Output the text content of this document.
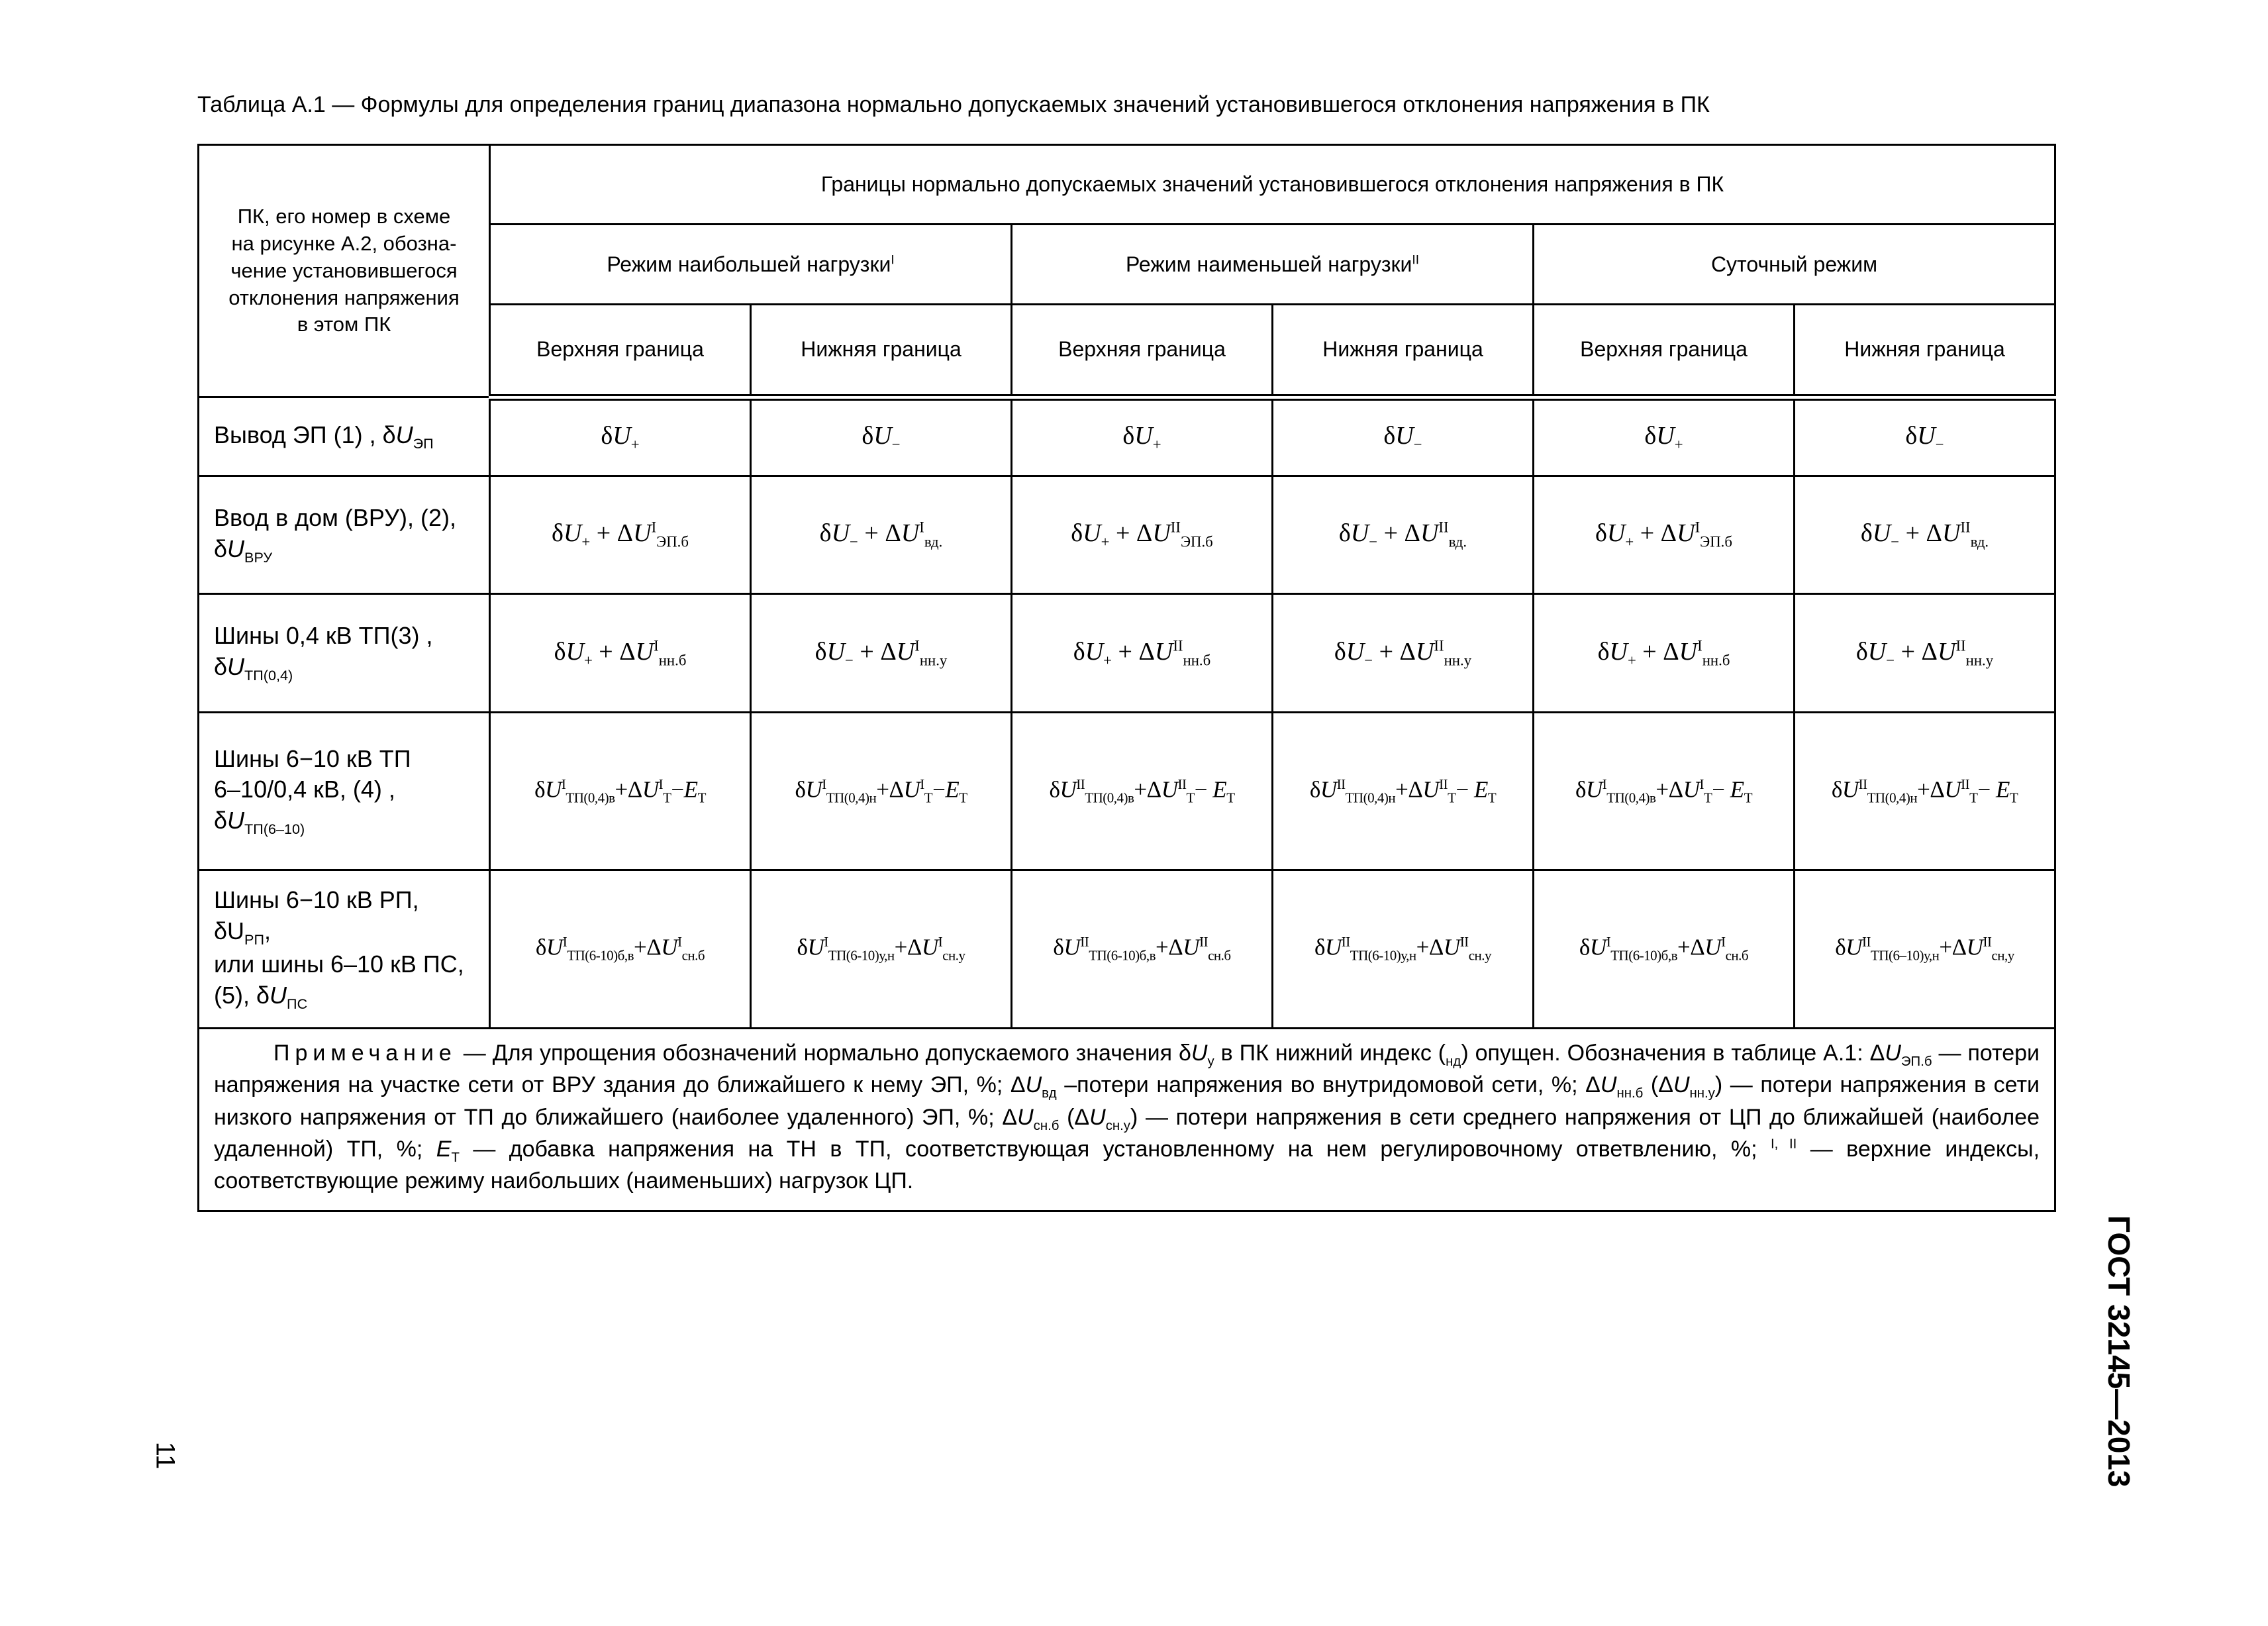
Таблица А.1 — Формулы для определения границ диапазона нормально допускаемых значений установившегося отклонения напряжения в ПК
ПК, его номер в схеме
на рисунке А.2, обозна-
чение установившегося
отклонения напряжения
в этом ПК	Границы нормально допускаемых значений установившегося отклонения напряжения в ПК					
	Режим наибольшей нагрузки$^I$		Режим наименьшей нагрузки$^{II}$		Суточный режим	
	Верхняя граница	Нижняя граница	Верхняя граница	Нижняя граница	Верхняя граница	Нижняя граница
Вывод ЭП (1) , $\delta U_{ЭП}$	$\delta U_+$	$\delta U_-$	$\delta U_+$	$\delta U_-$	$\delta U_+$	$\delta U_-$
Ввод в дом (ВРУ), (2),
$\delta U_{ВРУ}$	$\delta U_+ + \Delta U^I_{ЭП.б}$	$\delta U_- + \Delta U^I_{вд.}$	$\delta U_+ + \Delta U^{II}_{ЭП.б}$	$\delta U_- + \Delta U^{II}_{вд.}$	$\delta U_+ + \Delta U^I_{ЭП.б}$	$\delta U_- + \Delta U^{II}_{вд.}$
Шины 0,4 кВ ТП(3) ,
$\delta U_{ТП(0,4)}$	$\delta U_+ + \Delta U^I_{нн.б}$	$\delta U_- + \Delta U^I_{нн.у}$	$\delta U_+ + \Delta U^{II}_{нн.б}$	$\delta U_- + \Delta U^{II}_{нн.у}$	$\delta U_+ + \Delta U^I_{нн.б}$	$\delta U_- + \Delta U^{II}_{нн.у}$
Шины 6−10 кВ ТП
6–10/0,4 кВ, (4) ,
$\delta U_{ТП(6-10)}$	$\delta U^I_{ТП(0,4)в}+\Delta U^I_Т-E_Т$	$\delta U^I_{ТП(0,4)н}+\Delta U^I_Т-E_Т$	$\delta U^{II}_{ТП(0,4)в}+\Delta U^{II}_Т- E_Т$	$\delta U^{II}_{ТП(0,4)н}+\Delta U^{II}_Т- E_Т$	$\delta U^I_{ТП(0,4)в}+\Delta U^I_Т- E_Т$	$\delta U^{II}_{ТП(0,4)н}+\Delta U^{II}_Т- E_Т$
Шины 6−10 кВ РП,
$\delta U_{РП}$,
или шины 6–10 кВ ПС,
(5), $\delta U_{ПС}$	$\delta U^I_{ТП(6-10)б,в}+\Delta U^I_{сн.б}$	$\delta U^I_{ТП(6-10)у,н}+\Delta U^I_{сн.у}$	$\delta U^{II}_{ТП(6-10)б,в}+\Delta U^{II}_{сн.б}$	$\delta U^{II}_{ТП(6-10)у,н}+\Delta U^{II}_{сн.у}$	$\delta U^I_{ТП(6-10)б,в}+\Delta U^I_{сн.б}$	$\delta U^{II}_{ТП(6-10)у,н}+\Delta U^{II}_{сн,у}$
Примечание — Для упрощения обозначений нормально допускаемого значения $\delta U_у$ в ПК нижний индекс $(_{нд})$ опущен. Обозначения в таблице А.1: $\Delta U_{ЭП.б}$ — потери напряжения на участке сети от ВРУ здания до ближайшего к нему ЭП, %; $\Delta U_{вд}$ –потери напряжения во внутридомовой сети, %; $\Delta U_{нн.б}$ $(\Delta U_{нн.у})$ — потери напряжения в сети низкого напряжения от ТП до ближайшего (наиболее удаленного) ЭП, %; $\Delta U_{сн.б}$ $(\Delta U_{сн.у})$ — потери напряжения в сети среднего напряжения от ЦП до ближайшей (наиболее удаленной) ТП, %; $E_Т$ — добавка напряжения на ТН в ТП, соответствующая установленному на нем регулировочному ответвлению, %; $^{I, II}$ — верхние индексы, соответствующие режиму наибольших (наименьших) нагрузок ЦП.						
ГОСТ 32145—2013
11
